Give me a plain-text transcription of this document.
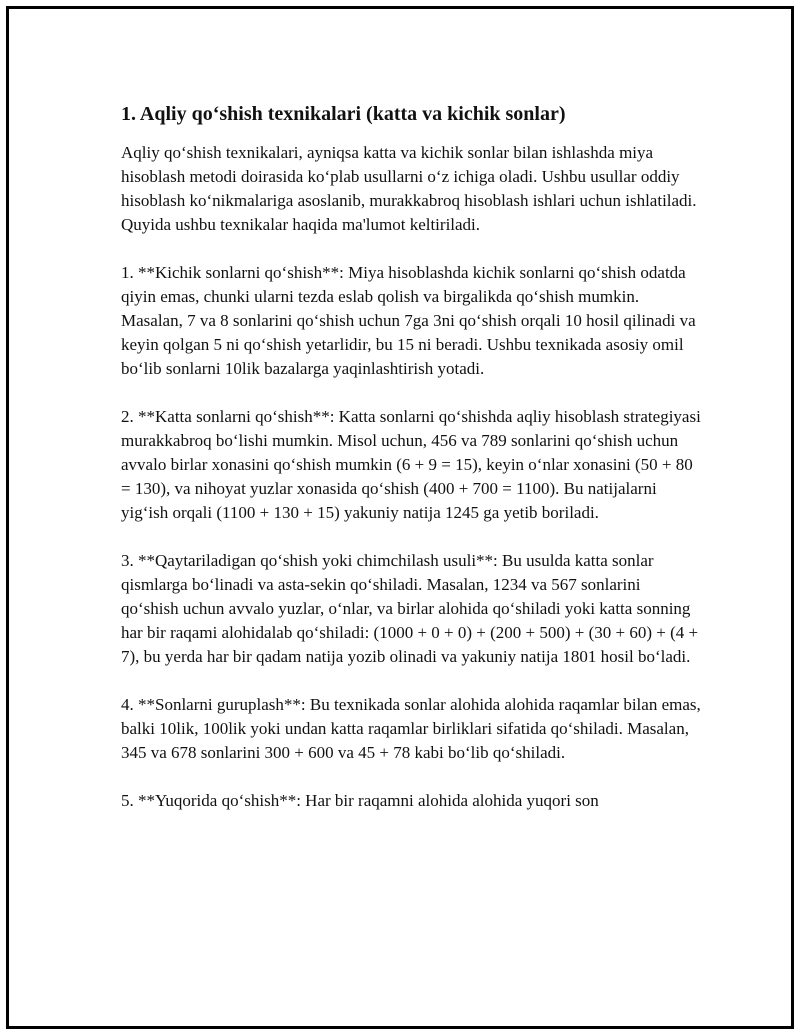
1. Aqliy qo‘shish texnikalari (katta va kichik sonlar)

Aqliy qo‘shish texnikalari, ayniqsa katta va kichik sonlar bilan ishlashda miya hisoblash metodi doirasida ko‘plab usullarni o‘z ichiga oladi. Ushbu usullar oddiy hisoblash ko‘nikmalariga asoslanib, murakkabroq hisoblash ishlari uchun ishlatiladi. Quyida ushbu texnikalar haqida ma'lumot keltiriladi.

1. **Kichik sonlarni qo‘shish**: Miya hisoblashda kichik sonlarni qo‘shish odatda qiyin emas, chunki ularni tezda eslab qolish va birgalikda qo‘shish mumkin. Masalan, 7 va 8 sonlarini qo‘shish uchun 7ga 3ni qo‘shish orqali 10 hosil qilinadi va keyin qolgan 5 ni qo‘shish yetarlidir, bu 15 ni beradi. Ushbu texnikada asosiy omil bo‘lib sonlarni 10lik bazalarga yaqinlashtirish yotadi.

2. **Katta sonlarni qo‘shish**: Katta sonlarni qo‘shishda aqliy hisoblash strategiyasi murakkabroq bo‘lishi mumkin. Misol uchun, 456 va 789 sonlarini qo‘shish uchun avvalo birlar xonasini qo‘shish mumkin (6 + 9 = 15), keyin o‘nlar xonasini (50 + 80 = 130), va nihoyat yuzlar xonasida qo‘shish (400 + 700 = 1100). Bu natijalarni yig‘ish orqali (1100 + 130 + 15) yakuniy natija 1245 ga yetib boriladi.

3. **Qaytariladigan qo‘shish yoki chimchilash usuli**: Bu usulda katta sonlar qismlarga bo‘linadi va asta-sekin qo‘shiladi. Masalan, 1234 va 567 sonlarini qo‘shish uchun avvalo yuzlar, o‘nlar, va birlar alohida qo‘shiladi yoki katta sonning har bir raqami alohidalab qo‘shiladi: (1000 + 0 + 0) + (200 + 500) + (30 + 60) + (4 + 7), bu yerda har bir qadam natija yozib olinadi va yakuniy natija 1801 hosil bo‘ladi.

4. **Sonlarni guruplash**: Bu texnikada sonlar alohida alohida raqamlar bilan emas, balki 10lik, 100lik yoki undan katta raqamlar birliklari sifatida qo‘shiladi. Masalan, 345 va 678 sonlarini 300 + 600 va 45 + 78 kabi bo‘lib qo‘shiladi.

5. **Yuqorida qo‘shish**: Har bir raqamni alohida alohida yuqori son
